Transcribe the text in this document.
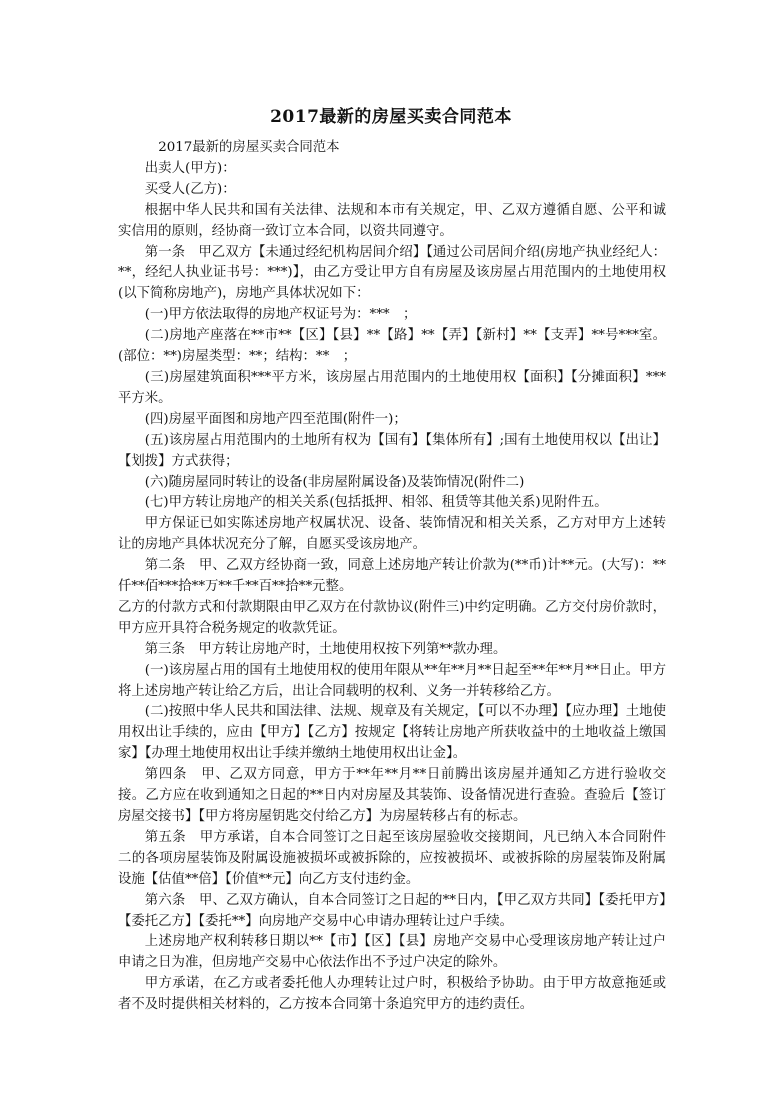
2017最新的房屋买卖合同范本

2017最新的房屋买卖合同范本

出卖人(甲方)：

买受人(乙方)：

根据中华人民共和国有关法律、法规和本市有关规定，甲、乙双方遵循自愿、公平和诚实信用的原则，经协商一致订立本合同，以资共同遵守。

第一条　甲乙双方【未通过经纪机构居间介绍】【通过公司居间介绍(房地产执业经纪人：**，经纪人执业证书号：***)】，由乙方受让甲方自有房屋及该房屋占用范围内的土地使用权(以下简称房地产)，房地产具体状况如下：

(一)甲方依法取得的房地产权证号为：***　；

(二)房地产座落在**市**【区】【县】**【路】**【弄】【新村】**【支弄】**号***室。(部位：**)房屋类型：**；结构：**　；

(三)房屋建筑面积***平方米，该房屋占用范围内的土地使用权【面积】【分摊面积】***平方米。

(四)房屋平面图和房地产四至范围(附件一)；

(五)该房屋占用范围内的土地所有权为【国有】【集体所有】;国有土地使用权以【出让】【划拨】方式获得；

(六)随房屋同时转让的设备(非房屋附属设备)及装饰情况(附件二)

(七)甲方转让房地产的相关关系(包括抵押、相邻、租赁等其他关系)见附件五。

甲方保证已如实陈述房地产权属状况、设备、装饰情况和相关关系，乙方对甲方上述转让的房地产具体状况充分了解，自愿买受该房地产。

第二条　甲、乙双方经协商一致，同意上述房地产转让价款为(**币)计**元。(大写)：**仟**佰***拾**万**千**百**拾**元整。

乙方的付款方式和付款期限由甲乙双方在付款协议(附件三)中约定明确。乙方交付房价款时，甲方应开具符合税务规定的收款凭证。

第三条　甲方转让房地产时，土地使用权按下列第**款办理。

(一)该房屋占用的国有土地使用权的使用年限从**年**月**日起至**年**月**日止。甲方将上述房地产转让给乙方后，出让合同载明的权利、义务一并转移给乙方。

(二)按照中华人民共和国法律、法规、规章及有关规定，【可以不办理】【应办理】土地使用权出让手续的，应由【甲方】【乙方】按规定【将转让房地产所获收益中的土地收益上缴国家】【办理土地使用权出让手续并缴纳土地使用权出让金】。

第四条　甲、乙双方同意，甲方于**年**月**日前腾出该房屋并通知乙方进行验收交接。乙方应在收到通知之日起的**日内对房屋及其装饰、设备情况进行查验。查验后【签订房屋交接书】【甲方将房屋钥匙交付给乙方】为房屋转移占有的标志。

第五条　甲方承诺，自本合同签订之日起至该房屋验收交接期间，凡已纳入本合同附件二的各项房屋装饰及附属设施被损坏或被拆除的，应按被损坏、或被拆除的房屋装饰及附属设施【估值**倍】【价值**元】向乙方支付违约金。

第六条　甲、乙双方确认，自本合同签订之日起的**日内，【甲乙双方共同】【委托甲方】【委托乙方】【委托**】向房地产交易中心申请办理转让过户手续。

上述房地产权利转移日期以**【市】【区】【县】房地产交易中心受理该房地产转让过户申请之日为准，但房地产交易中心依法作出不予过户决定的除外。

甲方承诺，在乙方或者委托他人办理转让过户时，积极给予协助。由于甲方故意拖延或者不及时提供相关材料的，乙方按本合同第十条追究甲方的违约责任。
